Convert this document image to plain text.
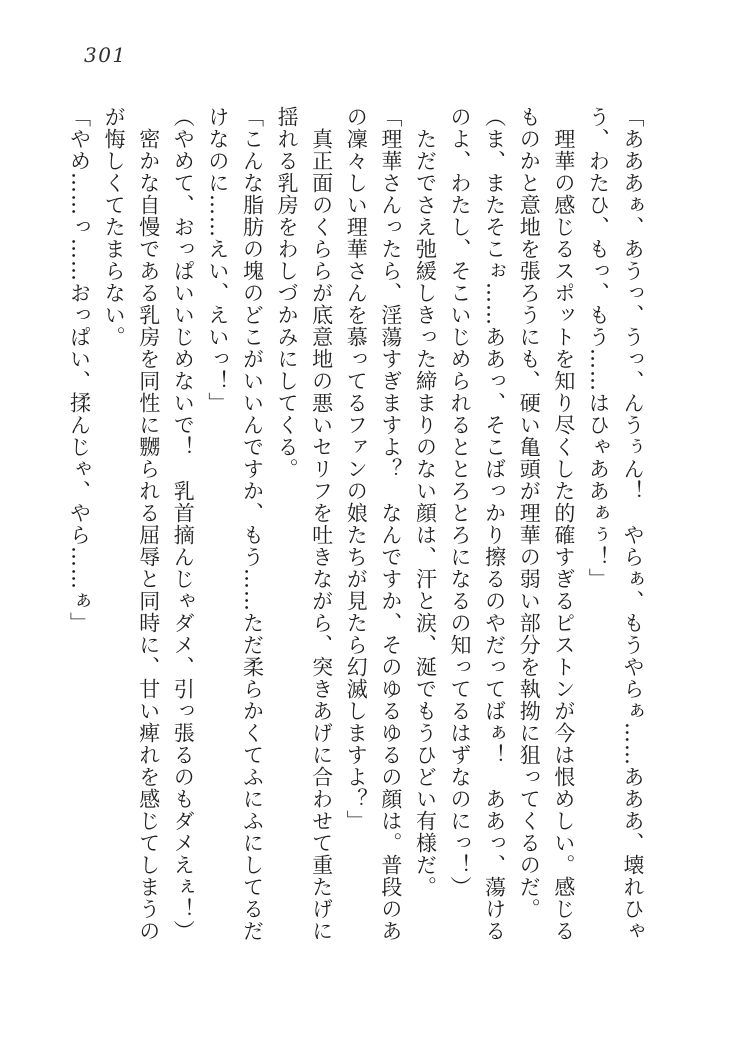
301

「あああぁ、あうっ、うっ、んうぅん！　やらぁ、もうやらぁ……あああ、壊れひゃう、わたひ、もっ、もう……はひゃああぁぅ！」

理華の感じるスポットを知り尽くした的確すぎるピストンが今は恨めしい。感じるものかと意地を張ろうにも、硬い亀頭が理華の弱い部分を執拗に狙ってくるのだ。

（ま、またそこぉ……ああっ、そこばっかり擦るのやだってばぁ！　ああっ、蕩けるのよ、わたし、そこいじめられるととろとろになるの知ってるはずなのにっ！）

ただでさえ弛緩しきった締まりのない顔は、汗と涙、涎でもうひどい有様だ。

「理華さんったら、淫蕩すぎますよ？　なんですか、そのゆるゆるの顔は。普段のあの凜々しい理華さんを慕ってるファンの娘たちが見たら幻滅しますよ？」

真正面のくららが底意地の悪いセリフを吐きながら、突きあげに合わせて重たげに揺れる乳房をわしづかみにしてくる。

「こんな脂肪の塊のどこがいいんですか、もう……ただ柔らかくてふにふにしてるだけなのに……えい、えいっ！」

（やめて、おっぱいいじめないで！　乳首摘んじゃダメ、引っ張るのもダメえぇ！）

密かな自慢である乳房を同性に嬲られる屈辱と同時に、甘い痺れを感じてしまうのが悔しくてたまらない。

「やめ……っ……おっぱい、揉んじゃ、やら……ぁ」
